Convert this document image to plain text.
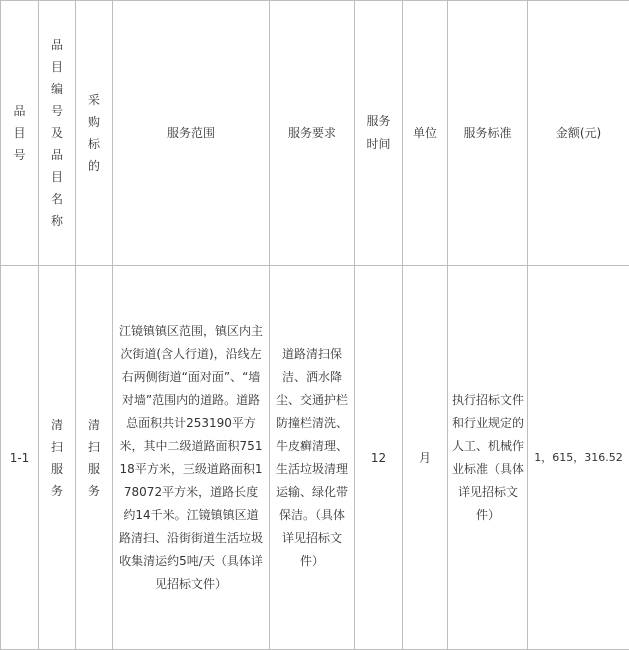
品目号	品目编号及品目名称	采购标的	服务范围	服务要求	服务时间	单位	服务标准	金额(元)
1-1	清扫服务	清扫服务	江镜镇镇区范围，镇区内主次街道(含人行道)，沿线左右两侧街道“面对面”、“墙对墙”范围内的道路。道路总面积共计253190平方米，其中二级道路面积75118平方米，三级道路面积178072平方米，道路长度约14千米。江镜镇镇区道路清扫、沿街街道生活垃圾收集清运约5吨/天（具体详见招标文件）	道路清扫保洁、洒水降尘、交通护栏防撞栏清洗、牛皮癣清理、生活垃圾清理运输、绿化带保洁。（具体详见招标文件）	12	月	执行招标文件和行业规定的人工、机械作业标准（具体详见招标文件）	1，615，316.52
